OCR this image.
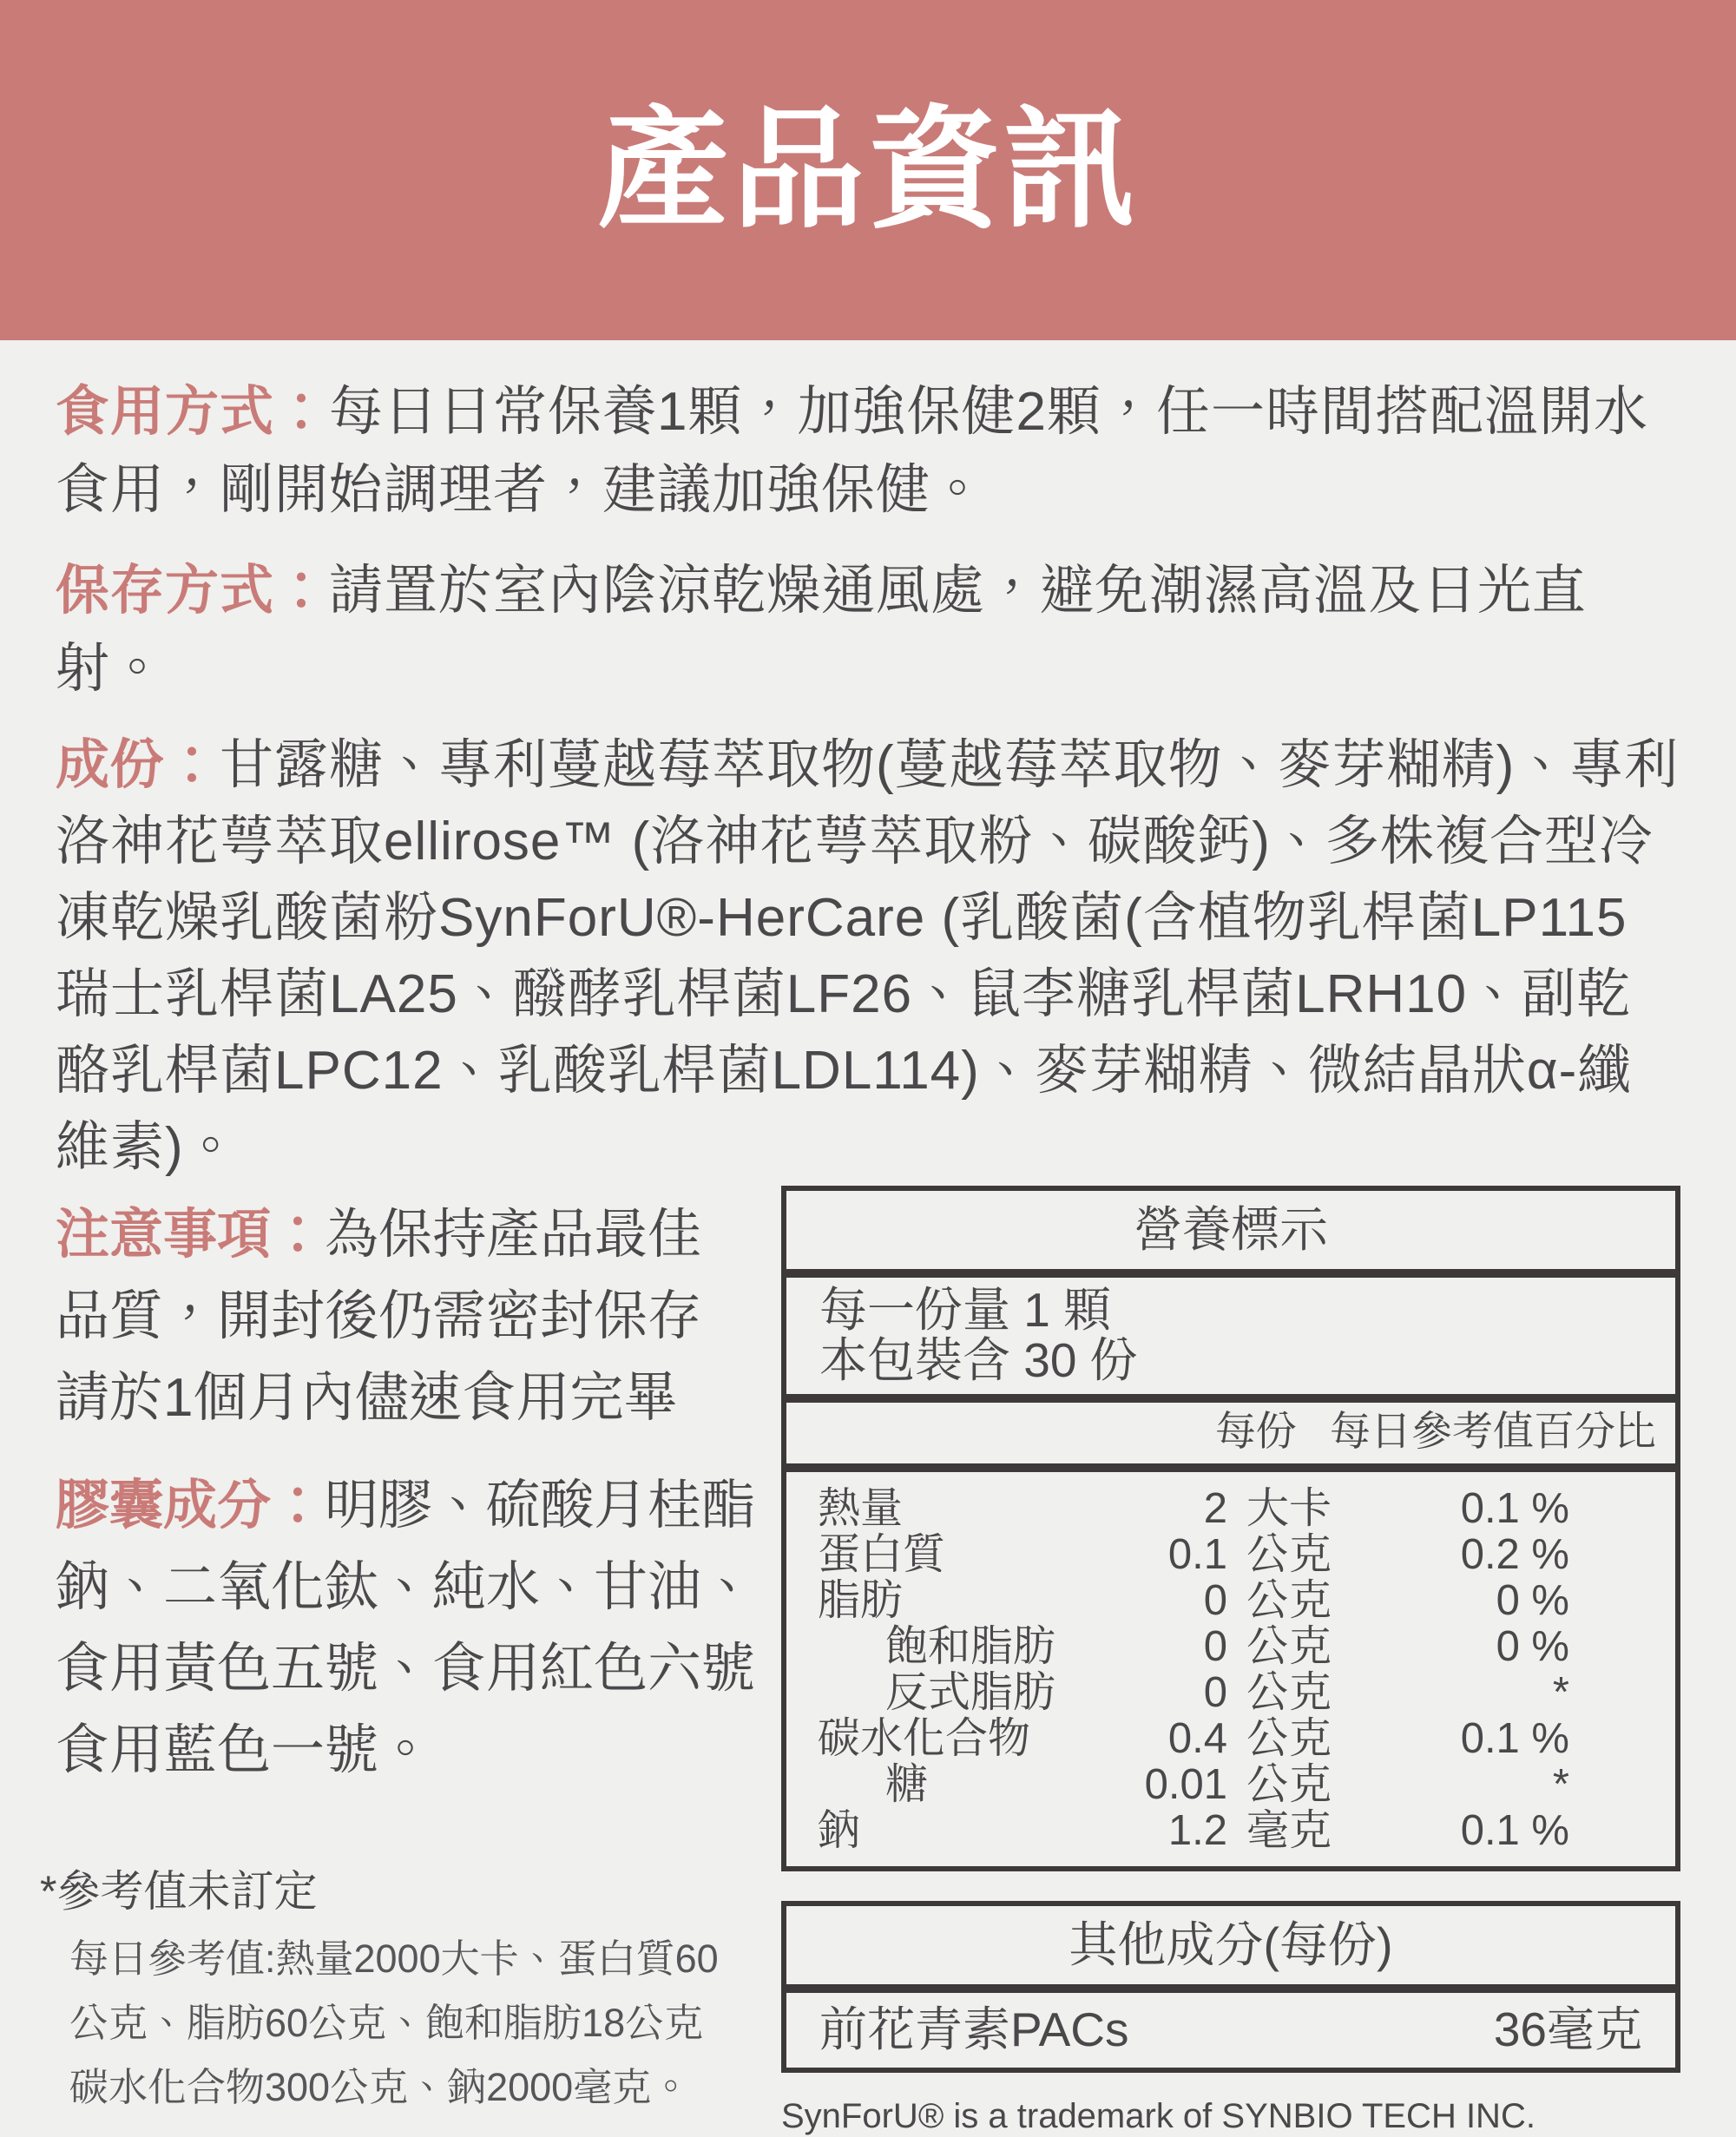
產品資訊

食用方式：每日日常保養1顆，加強保健2顆，任一時間搭配溫開水食用，剛開始調理者，建議加強保健。

保存方式：請置於室內陰涼乾燥通風處，避免潮濕高溫及日光直射。

成份：甘露糖、專利蔓越莓萃取物(蔓越莓萃取物、麥芽糊精)、專利洛神花萼萃取ellirose™ (洛神花萼萃取粉、碳酸鈣)、多株複合型冷凍乾燥乳酸菌粉SynForU®-HerCare (乳酸菌(含植物乳桿菌LP115瑞士乳桿菌LA25、醱酵乳桿菌LF26、鼠李糖乳桿菌LRH10、副乾酪乳桿菌LPC12、乳酸乳桿菌LDL114)、麥芽糊精、微結晶狀α-纖維素)。

注意事項：為保持產品最佳
品質，開封後仍需密封保存
請於1個月內儘速食用完畢

膠囊成分：明膠、硫酸月桂酯
鈉、二氧化鈦、純水、甘油、
食用黃色五號、食用紅色六號
食用藍色一號。

*參考值未訂定
每日參考值:熱量2000大卡、蛋白質60
公克、脂肪60公克、飽和脂肪18公克
碳水化合物300公克、鈉2000毫克。
營養標示
每一份量 1 顆
本包裝含 30 份
每份 每日參考值百分比
熱量	2 大卡	0.1 %
蛋白質	0.1 公克	0.2 %
脂肪	0 公克	0 %
飽和脂肪	0 公克	0 %
反式脂肪	0 公克	*
碳水化合物	0.4 公克	0.1 %
糖	0.01 公克	*
鈉	1.2 毫克	0.1 %
其他成分(每份)
前花青素PACs	36毫克
SynForU® is a trademark of SYNBIO TECH INC.
